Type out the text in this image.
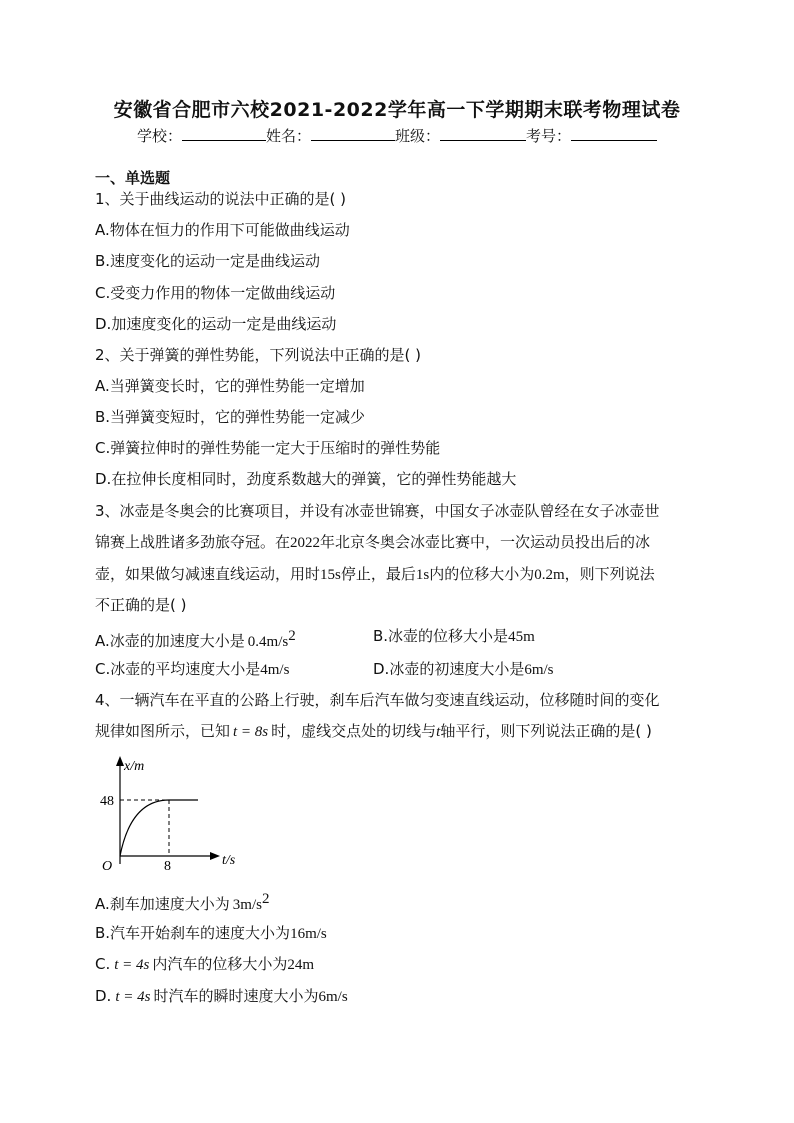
安徽省合肥市六校2021-2022学年高一下学期期末联考物理试卷
学校：	姓名：	班级：	考号：
一、单选题
1、关于曲线运动的说法中正确的是( )
A.物体在恒力的作用下可能做曲线运动
B.速度变化的运动一定是曲线运动
C.受变力作用的物体一定做曲线运动
D.加速度变化的运动一定是曲线运动
2、关于弹簧的弹性势能，下列说法中正确的是( )
A.当弹簧变长时，它的弹性势能一定增加
B.当弹簧变短时，它的弹性势能一定减少
C.弹簧拉伸时的弹性势能一定大于压缩时的弹性势能
D.在拉伸长度相同时，劲度系数越大的弹簧，它的弹性势能越大
3、冰壶是冬奥会的比赛项目，并设有冰壶世锦赛，中国女子冰壶队曾经在女子冰壶世
锦赛上战胜诸多劲旅夺冠。在2022年北京冬奥会冰壶比赛中，一次运动员投出后的冰
壶，如果做匀减速直线运动，用时15s停止，最后1s内的位移大小为0.2m，则下列说法
不正确的是( )
A.冰壶的加速度大小是 $0.4m/s^2$	B.冰壶的位移大小是45m
C.冰壶的平均速度大小是4m/s	D.冰壶的初速度大小是6m/s
4、一辆汽车在平直的公路上行驶，刹车后汽车做匀变速直线运动，位移随时间的变化
规律如图所示，已知 t = 8s 时，虚线交点处的切线与t轴平行，则下列说法正确的是( )
x/m
t/s
O
48
8
A.刹车加速度大小为 $3m/s^2$
B.汽车开始刹车的速度大小为16m/s
C. t = 4s 内汽车的位移大小为24m
D. t = 4s 时汽车的瞬时速度大小为6m/s
